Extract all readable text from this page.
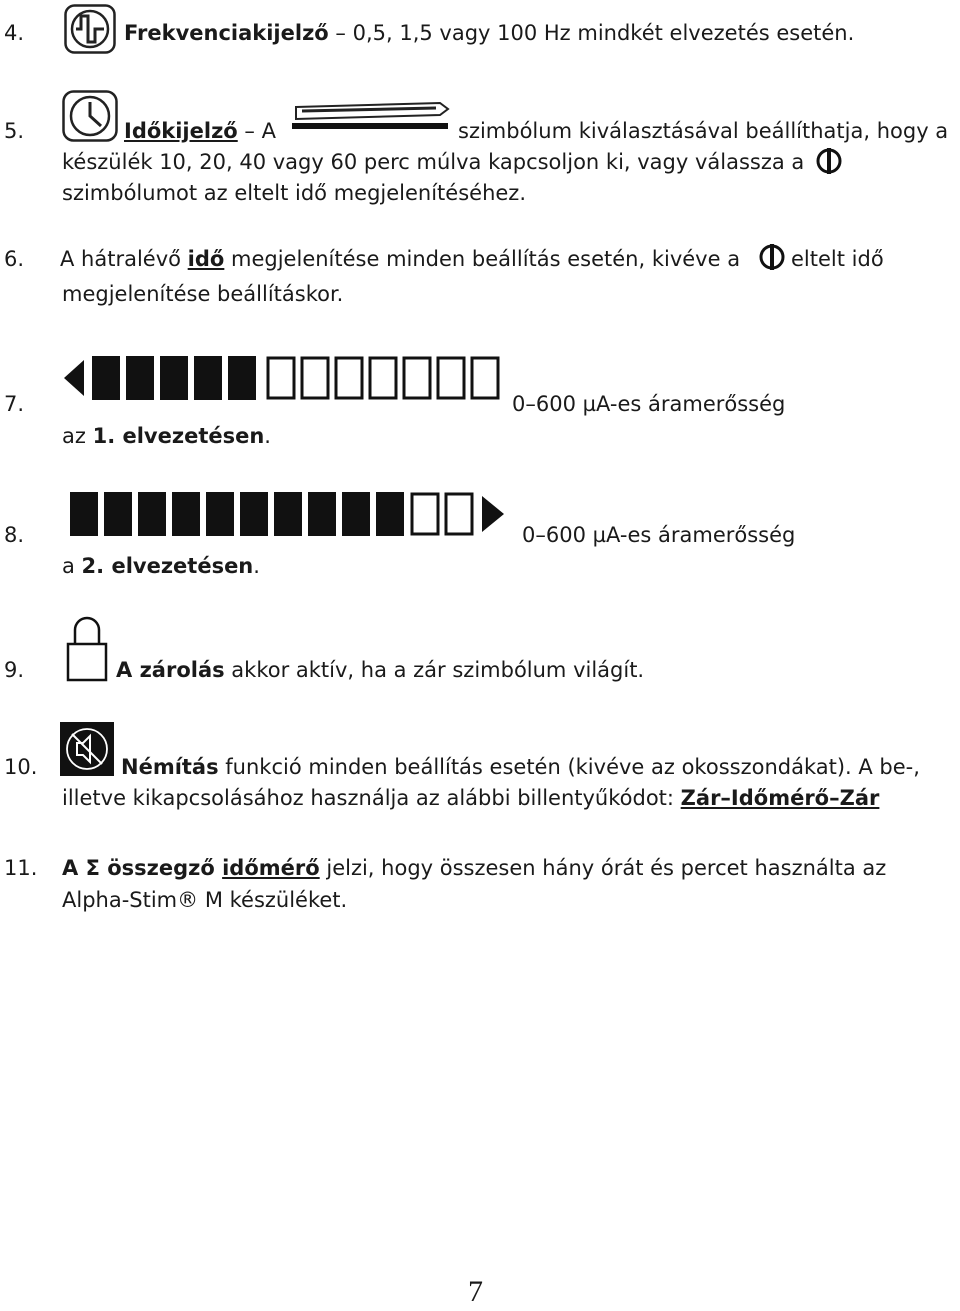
4.	Frekvenciakijelző – 0,5, 1,5 vagy 100 Hz mindkét elvezetés esetén.
5.	Időkijelző – A	szimbólum kiválasztásával beállíthatja, hogy a
készülék 10, 20, 40 vagy 60 perc múlva kapcsoljon ki, vagy válassza a
szimbólumot az eltelt idő megjelenítéséhez.
6. A hátralévő idő megjelenítése minden beállítás esetén, kivéve a eltelt idő
megjelenítése beállításkor.
7.	0–600 µA-es áramerősség
az 1. elvezetésen.
8.	0–600 µA-es áramerősség
a 2. elvezetésen.
9.	A zárolás akkor aktív, ha a zár szimbólum világít.
10.	Némítás funkció minden beállítás esetén (kivéve az okosszondákat). A be-,
illetve kikapcsolásához használja az alábbi billentyűkódot: Zár–Időmérő–Zár
11. A Σ összegző időmérő jelzi, hogy összesen hány órát és percet használta az
Alpha-Stim® M készüléket.
7
